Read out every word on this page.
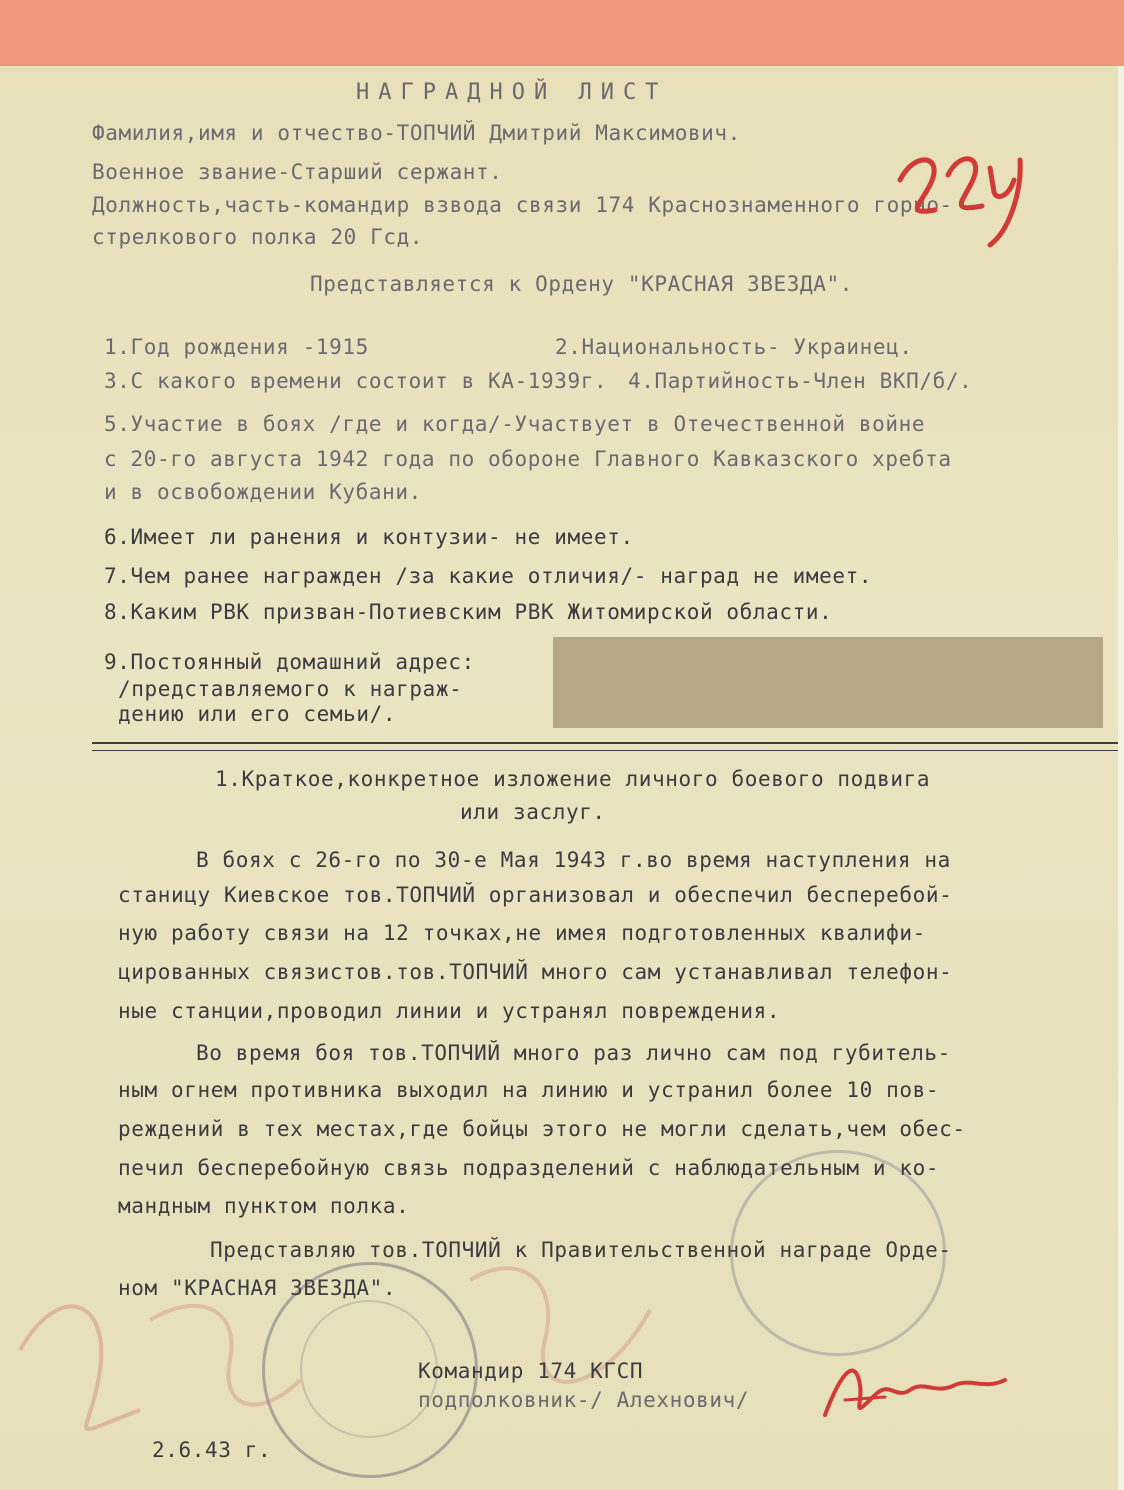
НАГРАДНОЙ ЛИСТ
Фамилия,имя и отчество-ТОПЧИЙ Дмитрий Максимович.
Военное звание-Старший сержант.
Должность,часть-командир взвода связи 174 Краснознаменного горно-
стрелкового полка 20 Гсд.
Представляется к Ордену "КРАСНАЯ ЗВЕЗДА".
1.Год рождения -1915	2.Национальность- Украинец.
3.С какого времени состоит в КА-1939г. 4.Партийность-Член ВКП/б/.
5.Участие в боях /где и когда/-Участвует в Отечественной войне
с 20-го августа 1942 года по обороне Главного Кавказского хребта
и в освобождении Кубани.
6.Имеет ли ранения и контузии- не имеет.
7.Чем ранее награжден /за какие отличия/- наград не имеет.
8.Каким РВК призван-Потиевским РВК Житомирской области.
9.Постоянный домашний адрес:
/представляемого к награж-
дению или его семьи/.
1.Краткое,конкретное изложение личного боевого подвига
или заслуг.
В боях с 26-го по 30-е Мая 1943 г.во время наступления на
станицу Киевское тов.ТОПЧИЙ организовал и обеспечил бесперебой-
ную работу связи на 12 точках,не имея подготовленных квалифи-
цированных связистов.тов.ТОПЧИЙ много сам устанавливал телефон-
ные станции,проводил линии и устранял повреждения.
Во время боя тов.ТОПЧИЙ много раз лично сам под губитель-
ным огнем противника выходил на линию и устранил более 10 пов-
реждений в тех местах,где бойцы этого не могли сделать,чем обес-
печил бесперебойную связь подразделений с наблюдательным и ко-
мандным пунктом полка.
Представляю тов.ТОПЧИЙ к Правительственной награде Орде-
ном "КРАСНАЯ ЗВЕЗДА".
Командир 174 КГСП
подполковник-/ Алехнович/
2.6.43 г.
